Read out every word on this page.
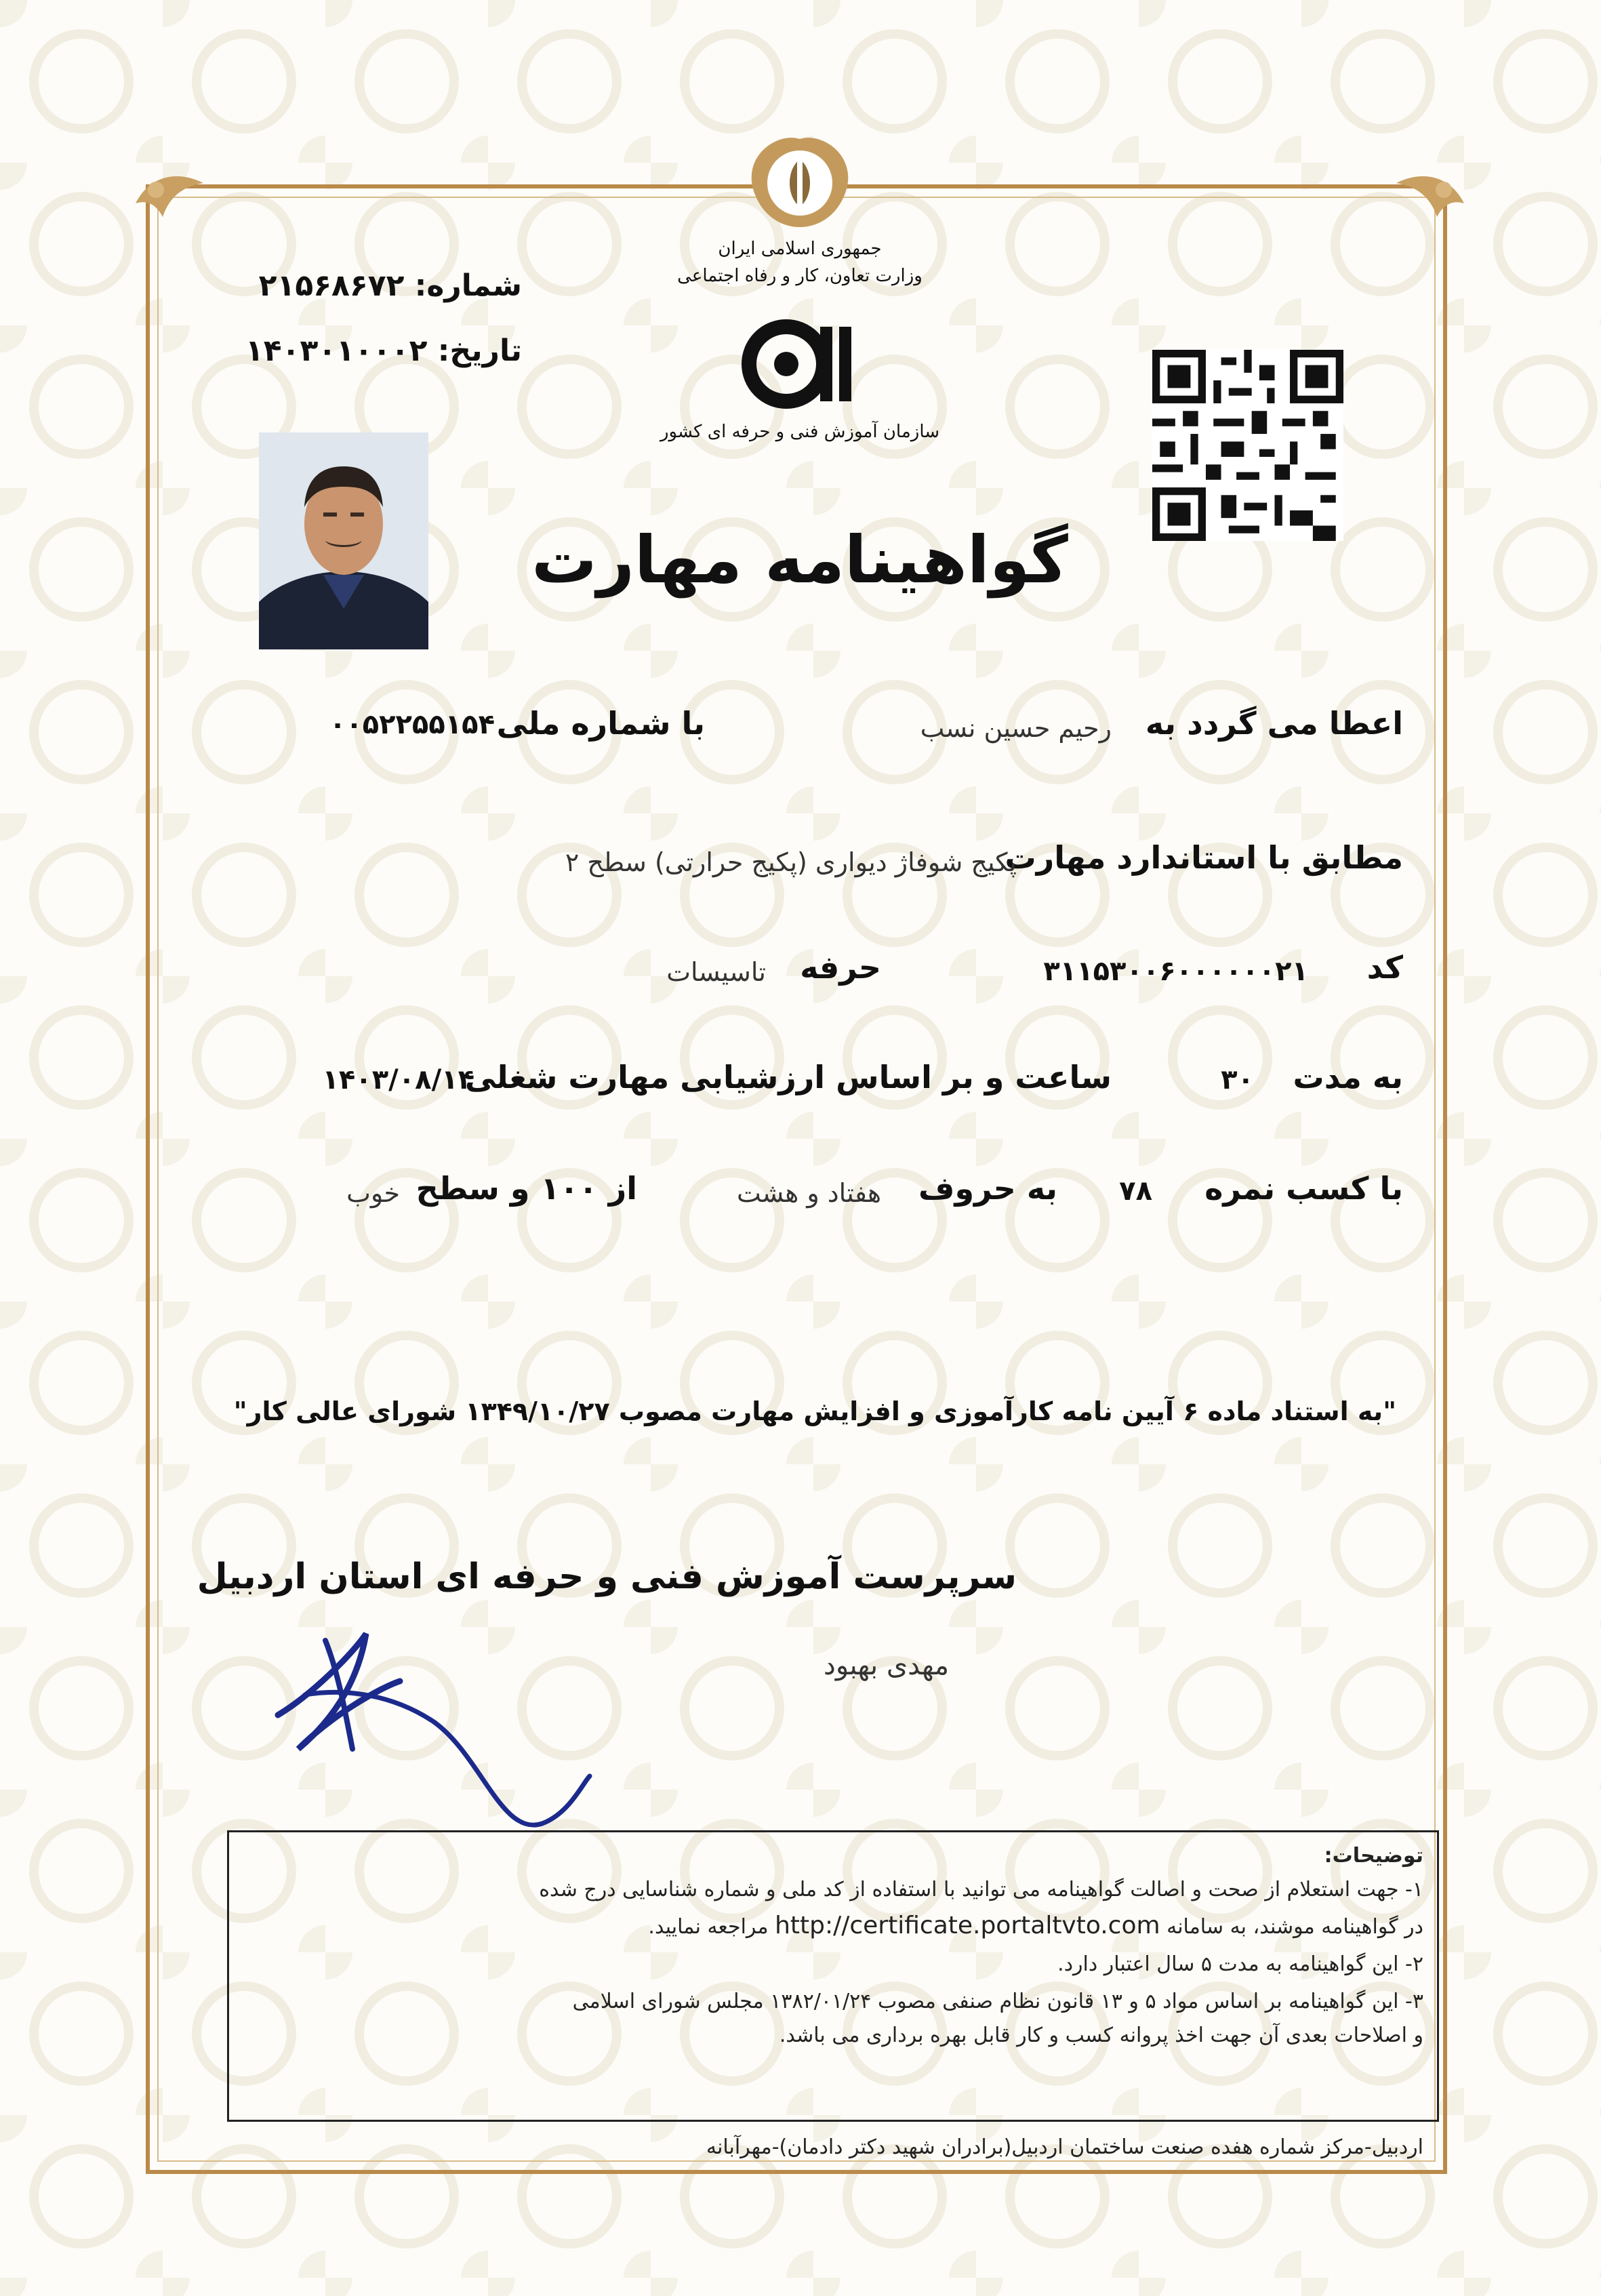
جمهوری اسلامی ایران
وزارت تعاون، کار و رفاه اجتماعی
سازمان آموزش فنی و حرفه ای کشور
شماره: ۲۱۵۶۸۶۷۲
تاریخ: ۱۴۰۳۰۱۰۰۰۲
گواهینامه مهارت
اعطا می گردد به
رحیم حسین نسب
با شماره ملی
۰۰۵۲۲۵۵۱۵۴
مطابق با استاندارد مهارت
پکیج شوفاژ دیواری (پکیج حرارتی) سطح ۲
کد
۳۱۱۵۳۰۰۶۰۰۰۰۰۰۲۱
حرفه
تاسیسات
به مدت
۳۰
ساعت و بر اساس ارزشیابی مهارت شغلی
۱۴۰۳/۰۸/۱۴
با کسب نمره
۷۸
به حروف
هفتاد و هشت
از ۱۰۰ و سطح
خوب
"به استناد ماده ۶ آیین نامه کارآموزی و افزایش مهارت مصوب ۱۳۴۹/۱۰/۲۷ شورای عالی کار"
سرپرست آموزش فنی و حرفه ای استان اردبیل
مهدی بهبود
توضیحات:
۱- جهت استعلام از صحت و اصالت گواهینامه می توانید با استفاده از کد ملی و شماره شناسایی درج شده
در گواهینامه موشند، به سامانه http://certificate.portaltvto.com مراجعه نمایید.
۲- این گواهینامه به مدت ۵ سال اعتبار دارد.
۳- این گواهینامه بر اساس مواد ۵ و ۱۳ قانون نظام صنفی مصوب ۱۳۸۲/۰۱/۲۴ مجلس شورای اسلامی
و اصلاحات بعدی آن جهت اخذ پروانه کسب و کار قابل بهره برداری می باشد.
اردبیل-مرکز شماره هفده صنعت ساختمان اردبیل(برادران شهید دکتر دادمان)-مهرآبانه
